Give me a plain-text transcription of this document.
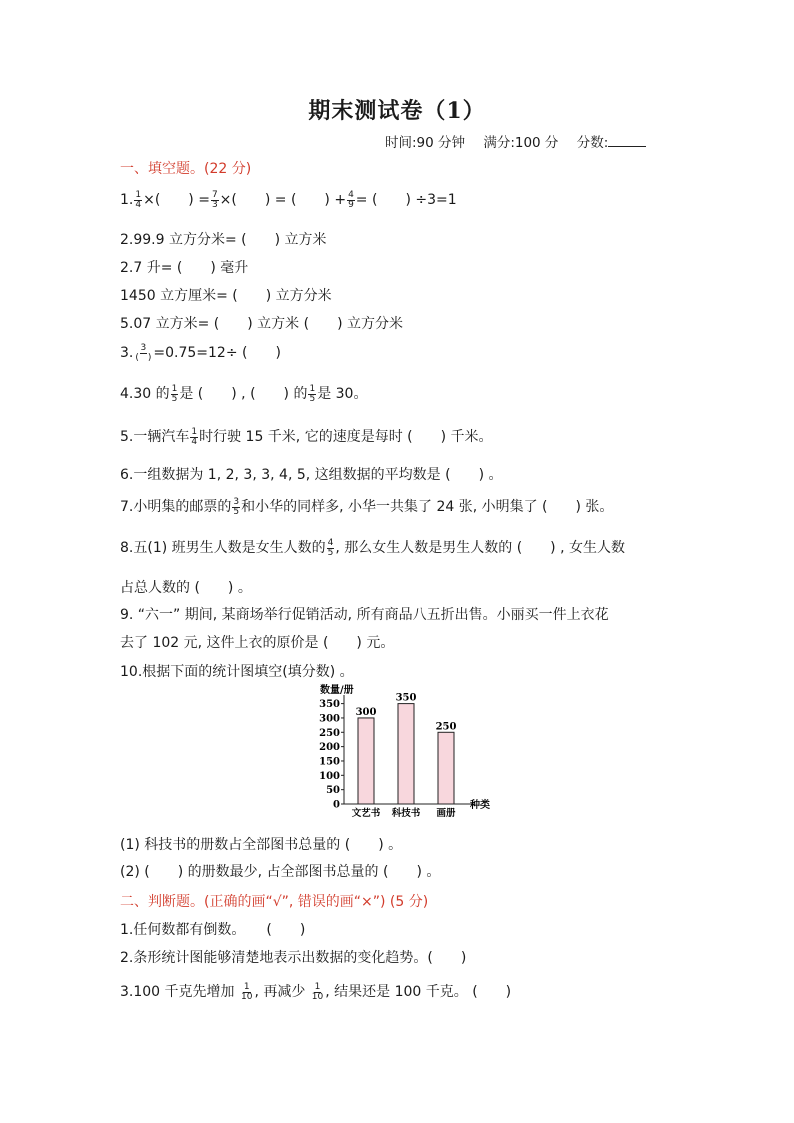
期末测试卷（1）
时间:90 分钟 满分:100 分 分数:
一、填空题。(22 分)
1. $\frac{1}{4}$ ×(　　) = $\frac{7}{3}$ ×(　　) = (　　) + $\frac{4}{9}$ = (　　) ÷3=1
2.99.9 立方分米= (　　) 立方米
2.7 升= (　　) 毫升
1450 立方厘米= (　　) 立方分米
5.07 立方米= (　　) 立方米 (　　) 立方分米
3. $\frac{3}{( )} =0.75=12\div$ (　　)
4.30 的 $\frac{1}{5}$ 是 (　　) , (　　) 的 $\frac{1}{5}$ 是 30。
5.一辆汽车 $\frac{1}{4}$ 时行驶 15 千米, 它的速度是每时 (　　) 千米。
6.一组数据为 1, 2, 3, 3, 4, 5, 这组数据的平均数是 (　　) 。
7.小明集的邮票的 $\frac{3}{5}$ 和小华的同样多, 小华一共集了 24 张, 小明集了 (　　) 张。
8.五(1) 班男生人数是女生人数的 $\frac{4}{5}$ , 那么女生人数是男生人数的 (　　) , 女生人数
占总人数的 (　　) 。
9. “六一” 期间, 某商场举行促销活动, 所有商品八五折出售。小丽买一件上衣花
去了 102 元, 这件上衣的原价是 (　　) 元。
10.根据下面的统计图填空(填分数) 。
数量/册
0
50
100
150
200
250
300
350
300
文艺书
350
科技书
250
画册
种类
(1) 科技书的册数占全部图书总量的 (　　) 。
(2) (　　) 的册数最少, 占全部图书总量的 (　　) 。
二、判断题。(正确的画“√”, 错误的画“×”) (5 分)
1.任何数都有倒数。　　(　　)
2.条形统计图能够清楚地表示出数据的变化趋势。(　　)
3.100 千克先增加 $\frac{1}{10}$ , 再减少 $\frac{1}{10}$ , 结果还是 100 千克。 (　　)
